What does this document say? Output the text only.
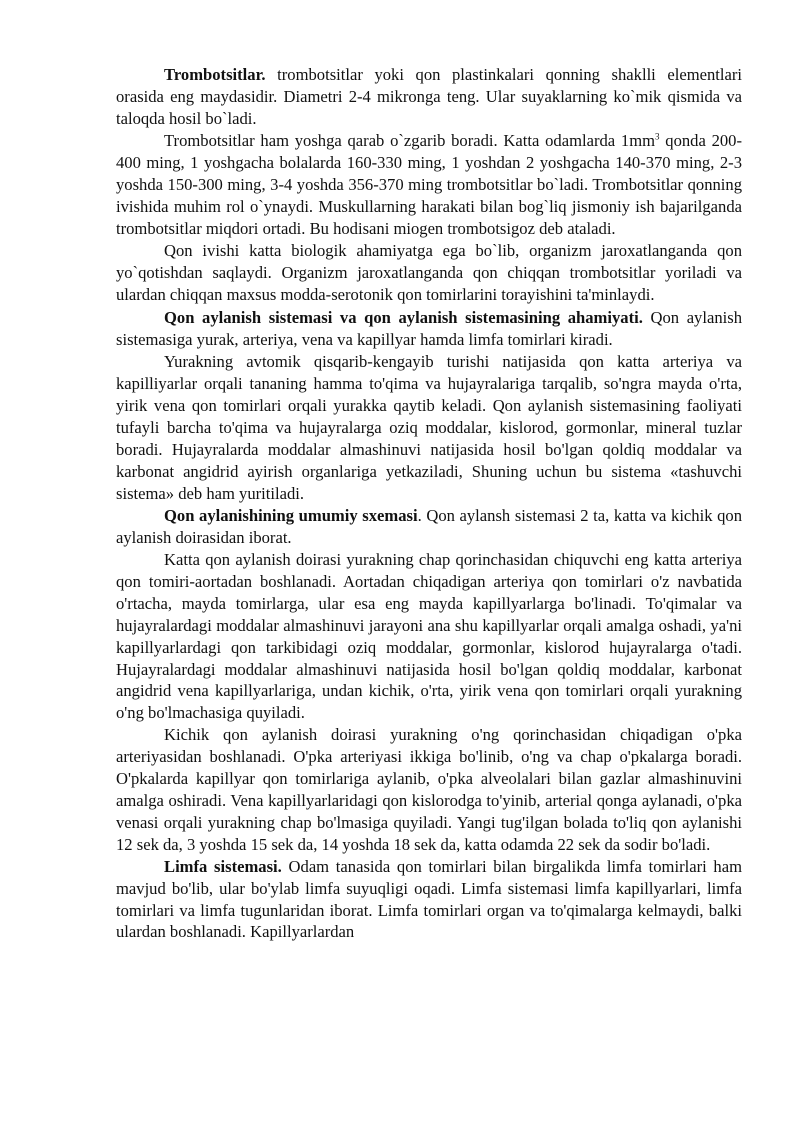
Trombotsitlar. trombotsitlar yoki qon plastinkalari qonning shaklli elementlari orasida eng maydasidir. Diametri 2-4 mikronga teng. Ular suyaklarning ko`mik qismida va taloqda hosil bo`ladi.

Trombotsitlar ham yoshga qarab o`zgarib boradi. Katta odamlarda $1mm^3$ qonda 200-400 ming, 1 yoshgacha bolalarda 160-330 ming, 1 yoshdan 2 yoshgacha 140-370 ming, 2-3 yoshda 150-300 ming, 3-4 yoshda 356-370 ming trombotsitlar bo`ladi. Trombotsitlar qonning ivishida muhim rol o`ynaydi. Muskullarning harakati bilan bog`liq jismoniy ish bajarilganda trombotsitlar miqdori ortadi. Bu hodisani miogen trombotsigoz deb ataladi.

Qon ivishi katta biologik ahamiyatga ega bo`lib, organizm jaroxatlanganda qon yo`qotishdan saqlaydi. Organizm jaroxatlanganda qon chiqqan trombotsitlar yoriladi va ulardan chiqqan maxsus modda-serotonik qon tomirlarini torayishini ta'minlaydi.

Qon aylanish sistemasi va qon aylanish sistemasining ahamiyati. Qon aylanish sistemasiga yurak, arteriya, vena va kapillyar hamda limfa tomirlari kiradi.

Yurakning avtomik qisqarib-kengayib turishi natijasida qon katta arteriya va kapilliyarlar orqali tananing hamma to'qima va hujayralariga tarqalib, so'ngra mayda o'rta, yirik vena qon tomirlari orqali yurakka qaytib keladi. Qon aylanish sistemasining faoliyati tufayli barcha to'qima va hujayralarga oziq moddalar, kislorod, gormonlar, mineral tuzlar boradi. Hujayralarda moddalar almashinuvi natijasida hosil bo'lgan qoldiq moddalar va karbonat angidrid ayirish organlariga yetkaziladi, Shuning uchun bu sistema «tashuvchi sistema» deb ham yuritiladi.

Qon aylanishining umumiy sxemasi. Qon aylansh sistemasi 2 ta, katta va kichik qon aylanish doirasidan iborat.

Katta qon aylanish doirasi yurakning chap qorinchasidan chiquvchi eng katta arteriya qon tomiri-aortadan boshlanadi. Aortadan chiqadigan arteriya qon tomirlari o'z navbatida o'rtacha, mayda tomirlarga, ular esa eng mayda kapillyarlarga bo'linadi. To'qimalar va hujayralardagi moddalar almashinuvi jarayoni ana shu kapillyarlar orqali amalga oshadi, ya'ni kapillyarlardagi qon tarkibidagi oziq moddalar, gormonlar, kislorod hujayralarga o'tadi. Hujayralardagi moddalar almashinuvi natijasida hosil bo'lgan qoldiq moddalar, karbonat angidrid vena kapillyarlariga, undan kichik, o'rta, yirik vena qon tomirlari orqali yurakning o'ng bo'lmachasiga quyiladi.

Kichik qon aylanish doirasi yurakning o'ng qorinchasidan chiqadigan o'pka arteriyasidan boshlanadi. O'pka arteriyasi ikkiga bo'linib, o'ng va chap o'pkalarga boradi. O'pkalarda kapillyar qon tomirlariga aylanib, o'pka alveolalari bilan gazlar almashinuvini amalga oshiradi. Vena kapillyarlaridagi qon kislorodga to'yinib, arterial qonga aylanadi, o'pka venasi orqali yurakning chap bo'lmasiga quyiladi. Yangi tug'ilgan bolada to'liq qon aylanishi 12 sek da, 3 yoshda 15 sek da, 14 yoshda 18 sek da, katta odamda 22 sek da sodir bo'ladi.

Limfa sistemasi. Odam tanasida qon tomirlari bilan birgalikda limfa tomirlari ham mavjud bo'lib, ular bo'ylab limfa suyuqligi oqadi. Limfa sistemasi limfa kapillyarlari, limfa tomirlari va limfa tugunlaridan iborat. Limfa tomirlari organ va to'qimalarga kelmaydi, balki ulardan boshlanadi. Kapillyarlardan
